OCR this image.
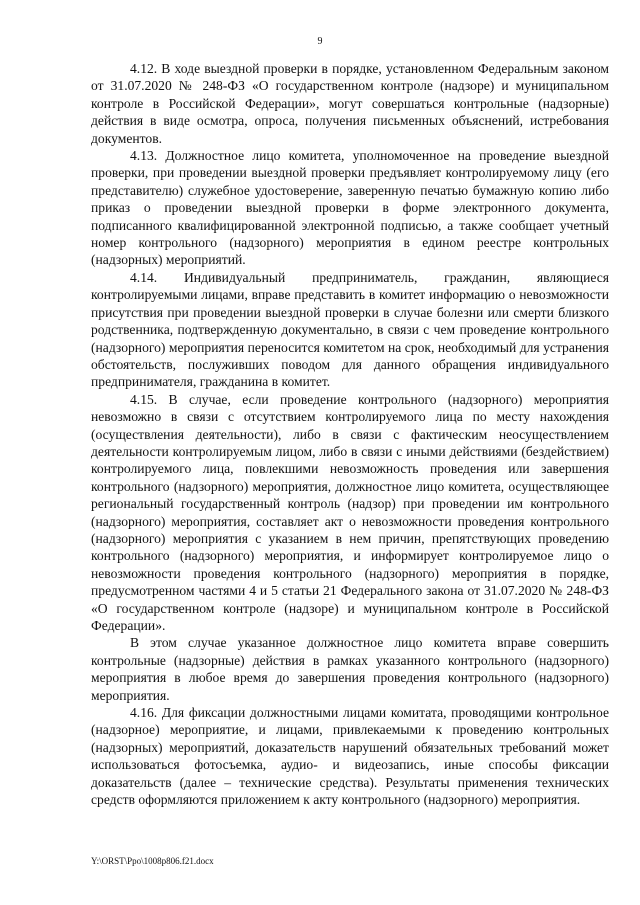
9

4.12. В ходе выездной проверки в порядке, установленном Федеральным законом от 31.07.2020 № 248-ФЗ «О государственном контроле (надзоре) и муниципальном контроле в Российской Федерации», могут совершаться контрольные (надзорные) действия в виде осмотра, опроса, получения письменных объяснений, истребования документов.

4.13. Должностное лицо комитета, уполномоченное на проведение выездной проверки, при проведении выездной проверки предъявляет контролируемому лицу (его представителю) служебное удостоверение, заверенную печатью бумажную копию либо приказ о проведении выездной проверки в форме электронного документа, подписанного квалифицированной электронной подписью, а также сообщает учетный номер контрольного (надзорного) мероприятия в едином реестре контрольных (надзорных) мероприятий.

4.14. Индивидуальный предприниматель, гражданин, являющиеся контролируемыми лицами, вправе представить в комитет информацию о невозможности присутствия при проведении выездной проверки в случае болезни или смерти близкого родственника, подтвержденную документально, в связи с чем проведение контрольного (надзорного) мероприятия переносится комитетом на срок, необходимый для устранения обстоятельств, послуживших поводом для данного обращения индивидуального предпринимателя, гражданина в комитет.

4.15. В случае, если проведение контрольного (надзорного) мероприятия невозможно в связи с отсутствием контролируемого лица по месту нахождения (осуществления деятельности), либо в связи с фактическим неосуществлением деятельности контролируемым лицом, либо в связи с иными действиями (бездействием) контролируемого лица, повлекшими невозможность проведения или завершения контрольного (надзорного) мероприятия, должностное лицо комитета, осуществляющее региональный государственный контроль (надзор) при проведении им контрольного (надзорного) мероприятия, составляет акт о невозможности проведения контрольного (надзорного) мероприятия с указанием в нем причин, препятствующих проведению контрольного (надзорного) мероприятия, и информирует контролируемое лицо о невозможности проведения контрольного (надзорного) мероприятия в порядке, предусмотренном частями 4 и 5 статьи 21 Федерального закона от 31.07.2020 № 248-ФЗ «О государственном контроле (надзоре) и муниципальном контроле в Российской Федерации».

В этом случае указанное должностное лицо комитета вправе совершить контрольные (надзорные) действия в рамках указанного контрольного (надзорного) мероприятия в любое время до завершения проведения контрольного (надзорного) мероприятия.

4.16. Для фиксации должностными лицами комитата, проводящими контрольное (надзорное) мероприятие, и лицами, привлекаемыми к проведению контрольных (надзорных) мероприятий, доказательств нарушений обязательных требований может использоваться фотосъемка, аудио- и видеозапись, иные способы фиксации доказательств (далее – технические средства). Результаты применения технических средств оформляются приложением к акту контрольного (надзорного) мероприятия.

Y:\ORST\Ppo\1008p806.f21.docx
